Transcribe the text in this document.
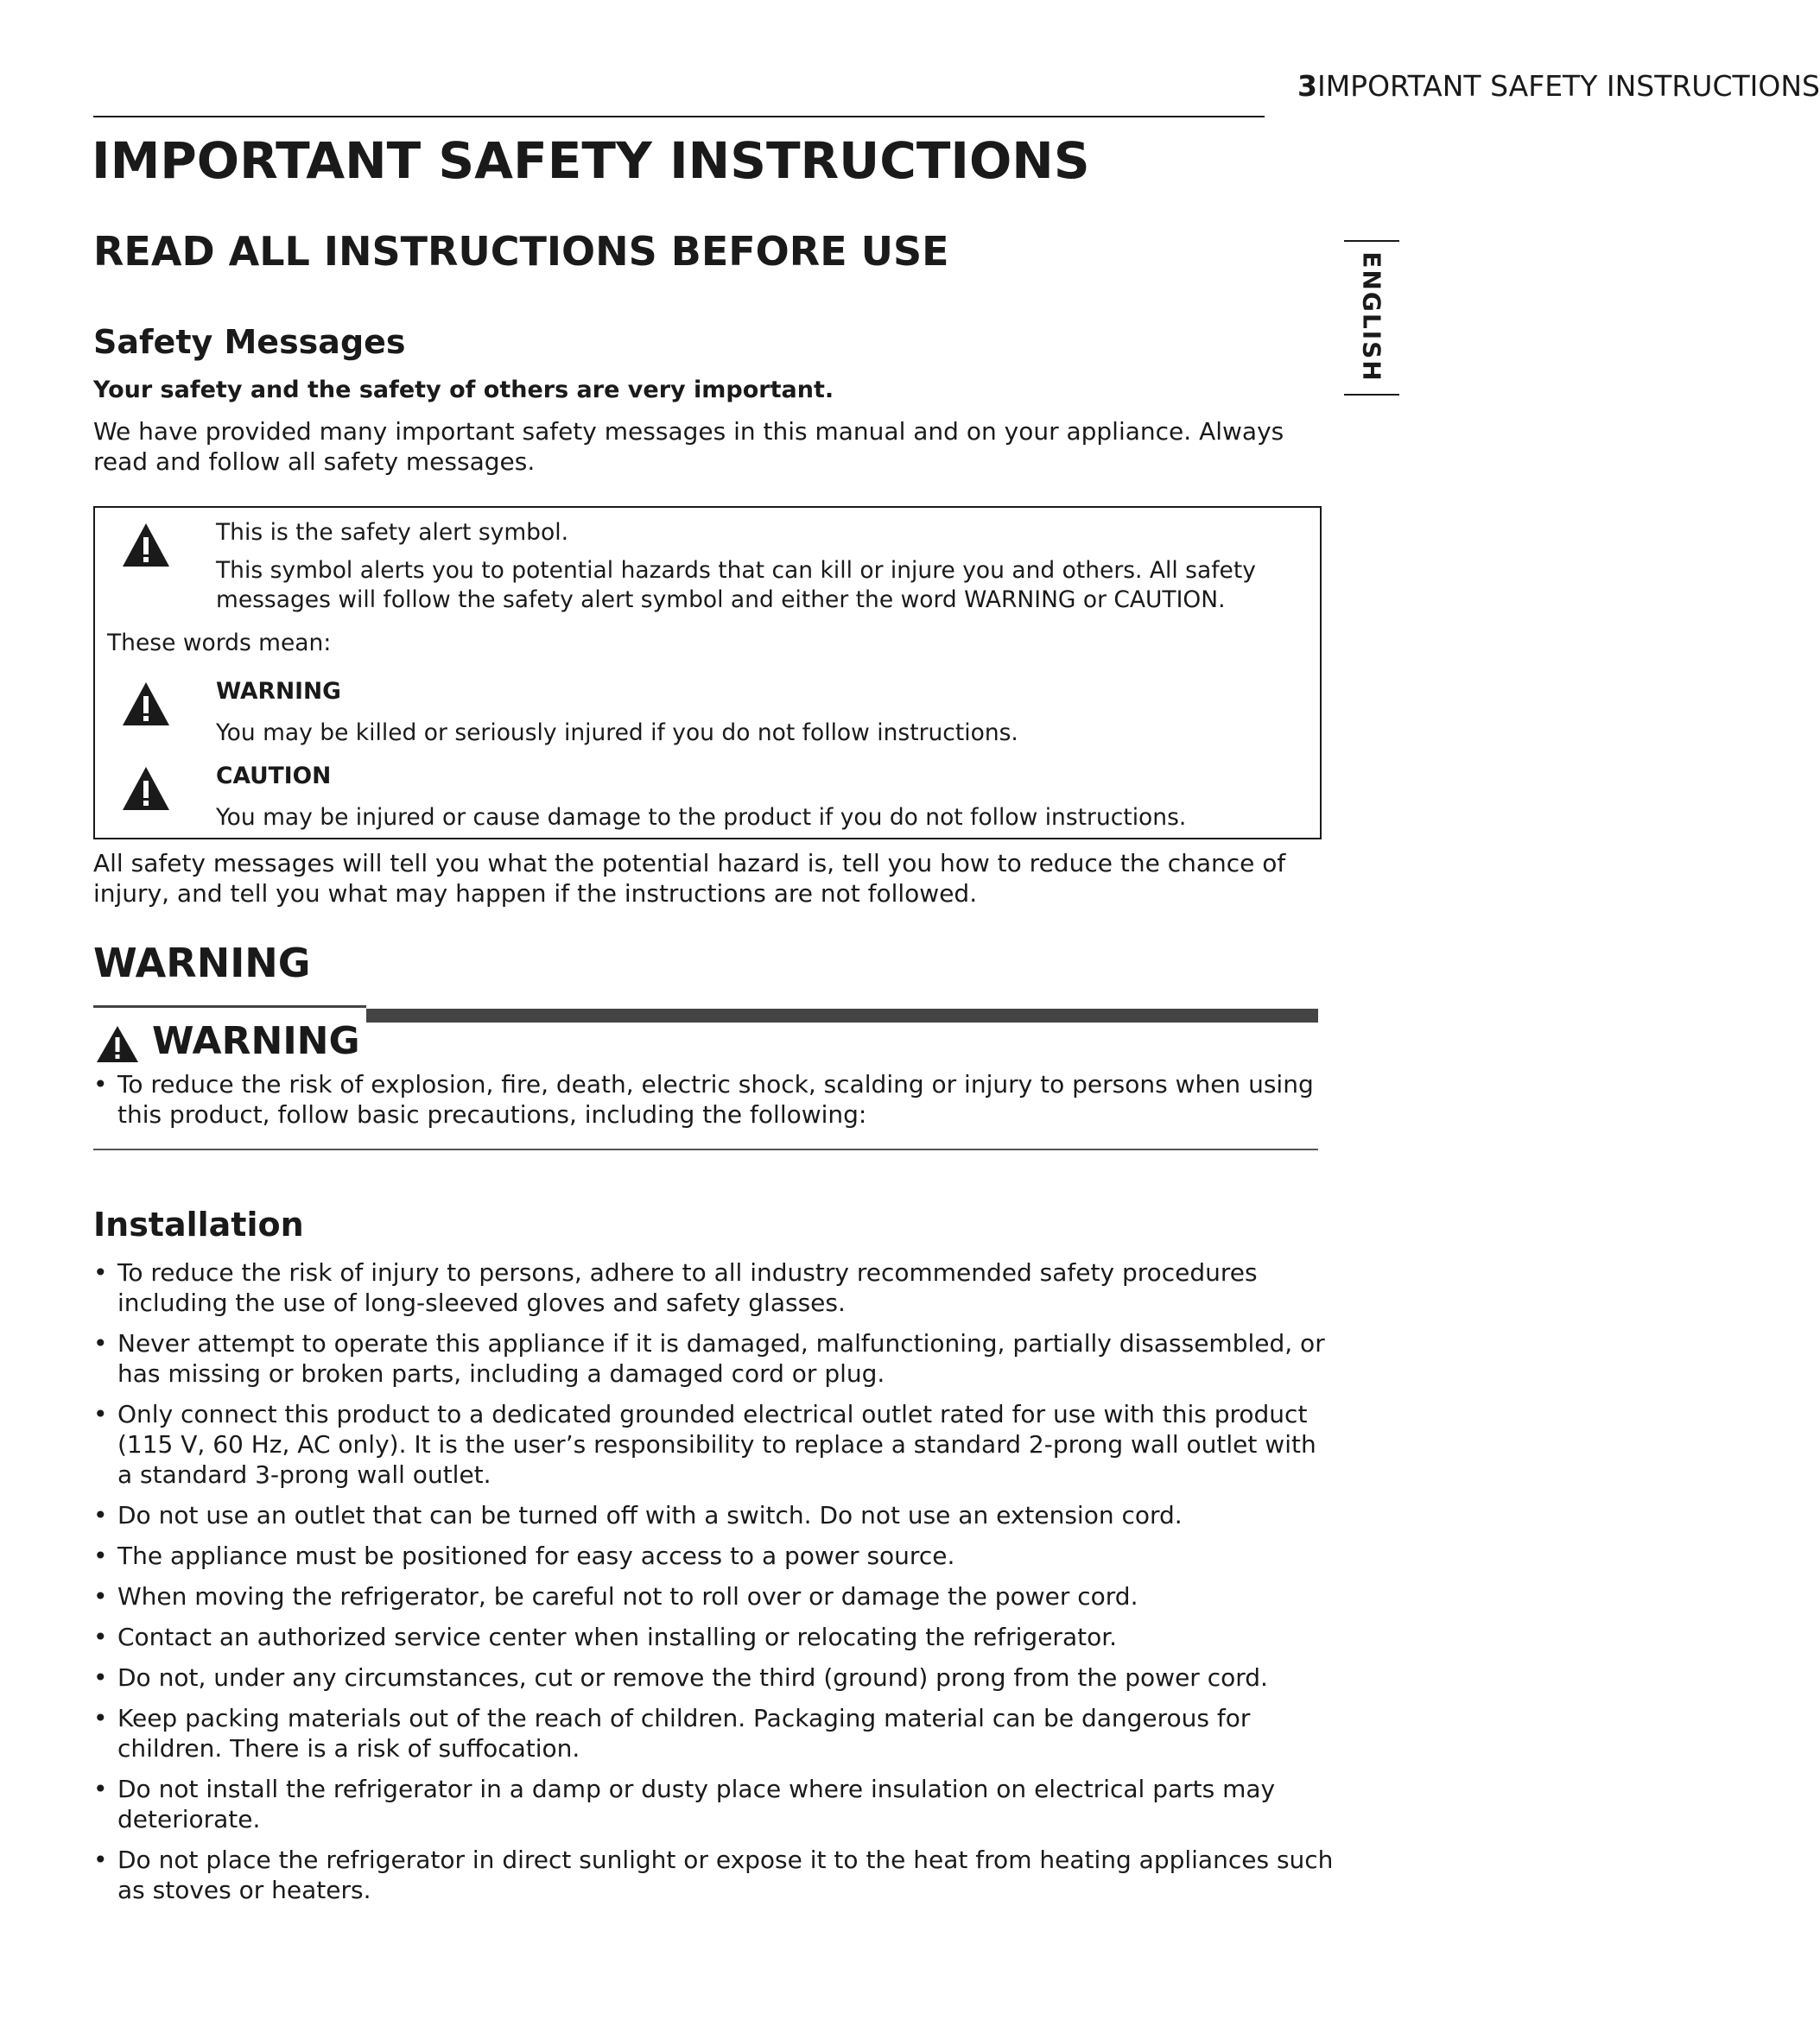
3IMPORTANT SAFETY INSTRUCTIONS
ENGLISH
IMPORTANT SAFETY INSTRUCTIONS
READ ALL INSTRUCTIONS BEFORE USE
Safety Messages
Your safety and the safety of others are very important.
We have provided many important safety messages in this manual and on your appliance. Always read and follow all safety messages.
This is the safety alert symbol.
This symbol alerts you to potential hazards that can kill or injure you and others. All safety messages will follow the safety alert symbol and either the word WARNING or CAUTION.
These words mean:
WARNING
You may be killed or seriously injured if you do not follow instructions.
CAUTION
You may be injured or cause damage to the product if you do not follow instructions.
All safety messages will tell you what the potential hazard is, tell you how to reduce the chance of injury, and tell you what may happen if the instructions are not followed.
WARNING
WARNING
• To reduce the risk of explosion, fire, death, electric shock, scalding or injury to persons when using this product, follow basic precautions, including the following:
Installation
• To reduce the risk of injury to persons, adhere to all industry recommended safety procedures including the use of long-sleeved gloves and safety glasses.
• Never attempt to operate this appliance if it is damaged, malfunctioning, partially disassembled, or has missing or broken parts, including a damaged cord or plug.
• Only connect this product to a dedicated grounded electrical outlet rated for use with this product (115 V, 60 Hz, AC only). It is the user’s responsibility to replace a standard 2-prong wall outlet with a standard 3-prong wall outlet.
• Do not use an outlet that can be turned off with a switch. Do not use an extension cord.
• The appliance must be positioned for easy access to a power source.
• When moving the refrigerator, be careful not to roll over or damage the power cord.
• Contact an authorized service center when installing or relocating the refrigerator.
• Do not, under any circumstances, cut or remove the third (ground) prong from the power cord.
• Keep packing materials out of the reach of children. Packaging material can be dangerous for children. There is a risk of suffocation.
• Do not install the refrigerator in a damp or dusty place where insulation on electrical parts may deteriorate.
• Do not place the refrigerator in direct sunlight or expose it to the heat from heating appliances such as stoves or heaters.
